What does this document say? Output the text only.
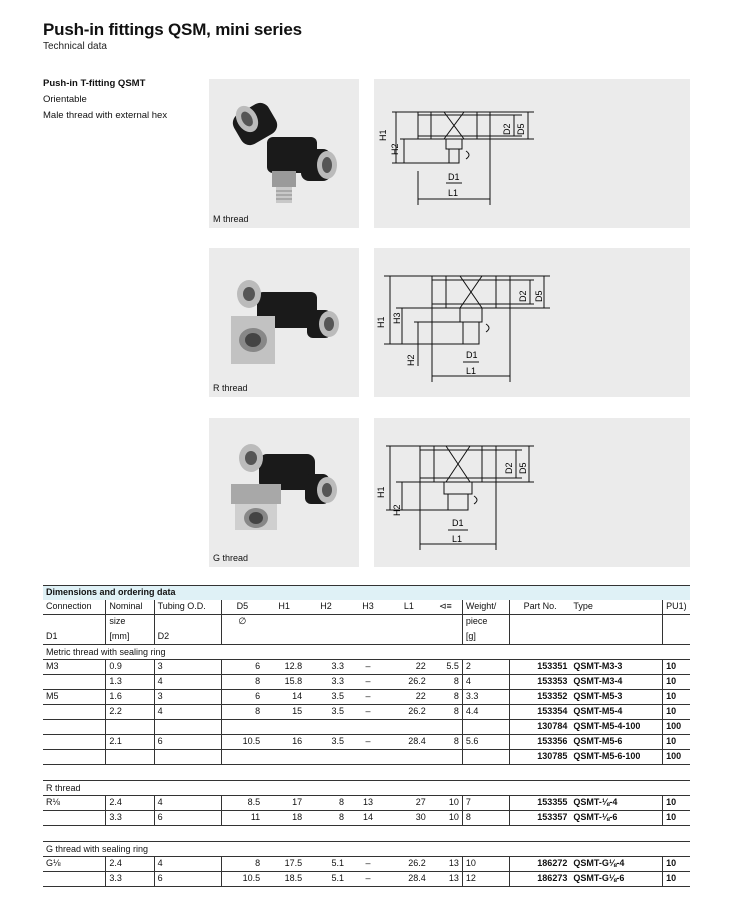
Push-in fittings QSM, mini series
Technical data
Push-in T-fitting QSMT
Orientable
Male thread with external hex
M thread
H1
H2
D1
L1
D2 D5
R thread
H1 H3
H2	D1
L1
D2 D5
G thread
H1
H2
D1
L1
D2 D5
Dimensions and ordering data												
Connection	Nominal	Tubing O.D.	D5	H1	H2	H3	L1	⊲≡	Weight/	Part No.	Type	PU1)
	size		∅						piece			
D1	[mm]	D2							[g]			
Metric thread with sealing ring												
M3	0.9	3	6	12.8	3.3	–	22	5.5	2	153351	QSMT-M3-3	10
	1.3	4	8	15.8	3.3	–	26.2	8	4	153353	QSMT-M3-4	10
M5	1.6	3	6	14	3.5	–	22	8	3.3	153352	QSMT-M5-3	10
	2.2	4	8	15	3.5	–	26.2	8	4.4	153354	QSMT-M5-4	10
										130784	QSMT-M5-4-100	100
	2.1	6	10.5	16	3.5	–	28.4	8	5.6	153356	QSMT-M5-6	10
										130785	QSMT-M5-6-100	100

R thread												
R⅛	2.4	4	8.5	17	8	13	27	10	7	153355	QSMT-⅛-4	10
	3.3	6	11	18	8	14	30	10	8	153357	QSMT-⅛-6	10

G thread with sealing ring												
G⅛	2.4	4	8	17.5	5.1	–	26.2	13	10	186272	QSMT-G⅛-4	10
	3.3	6	10.5	18.5	5.1	–	28.4	13	12	186273	QSMT-G⅛-6	10
